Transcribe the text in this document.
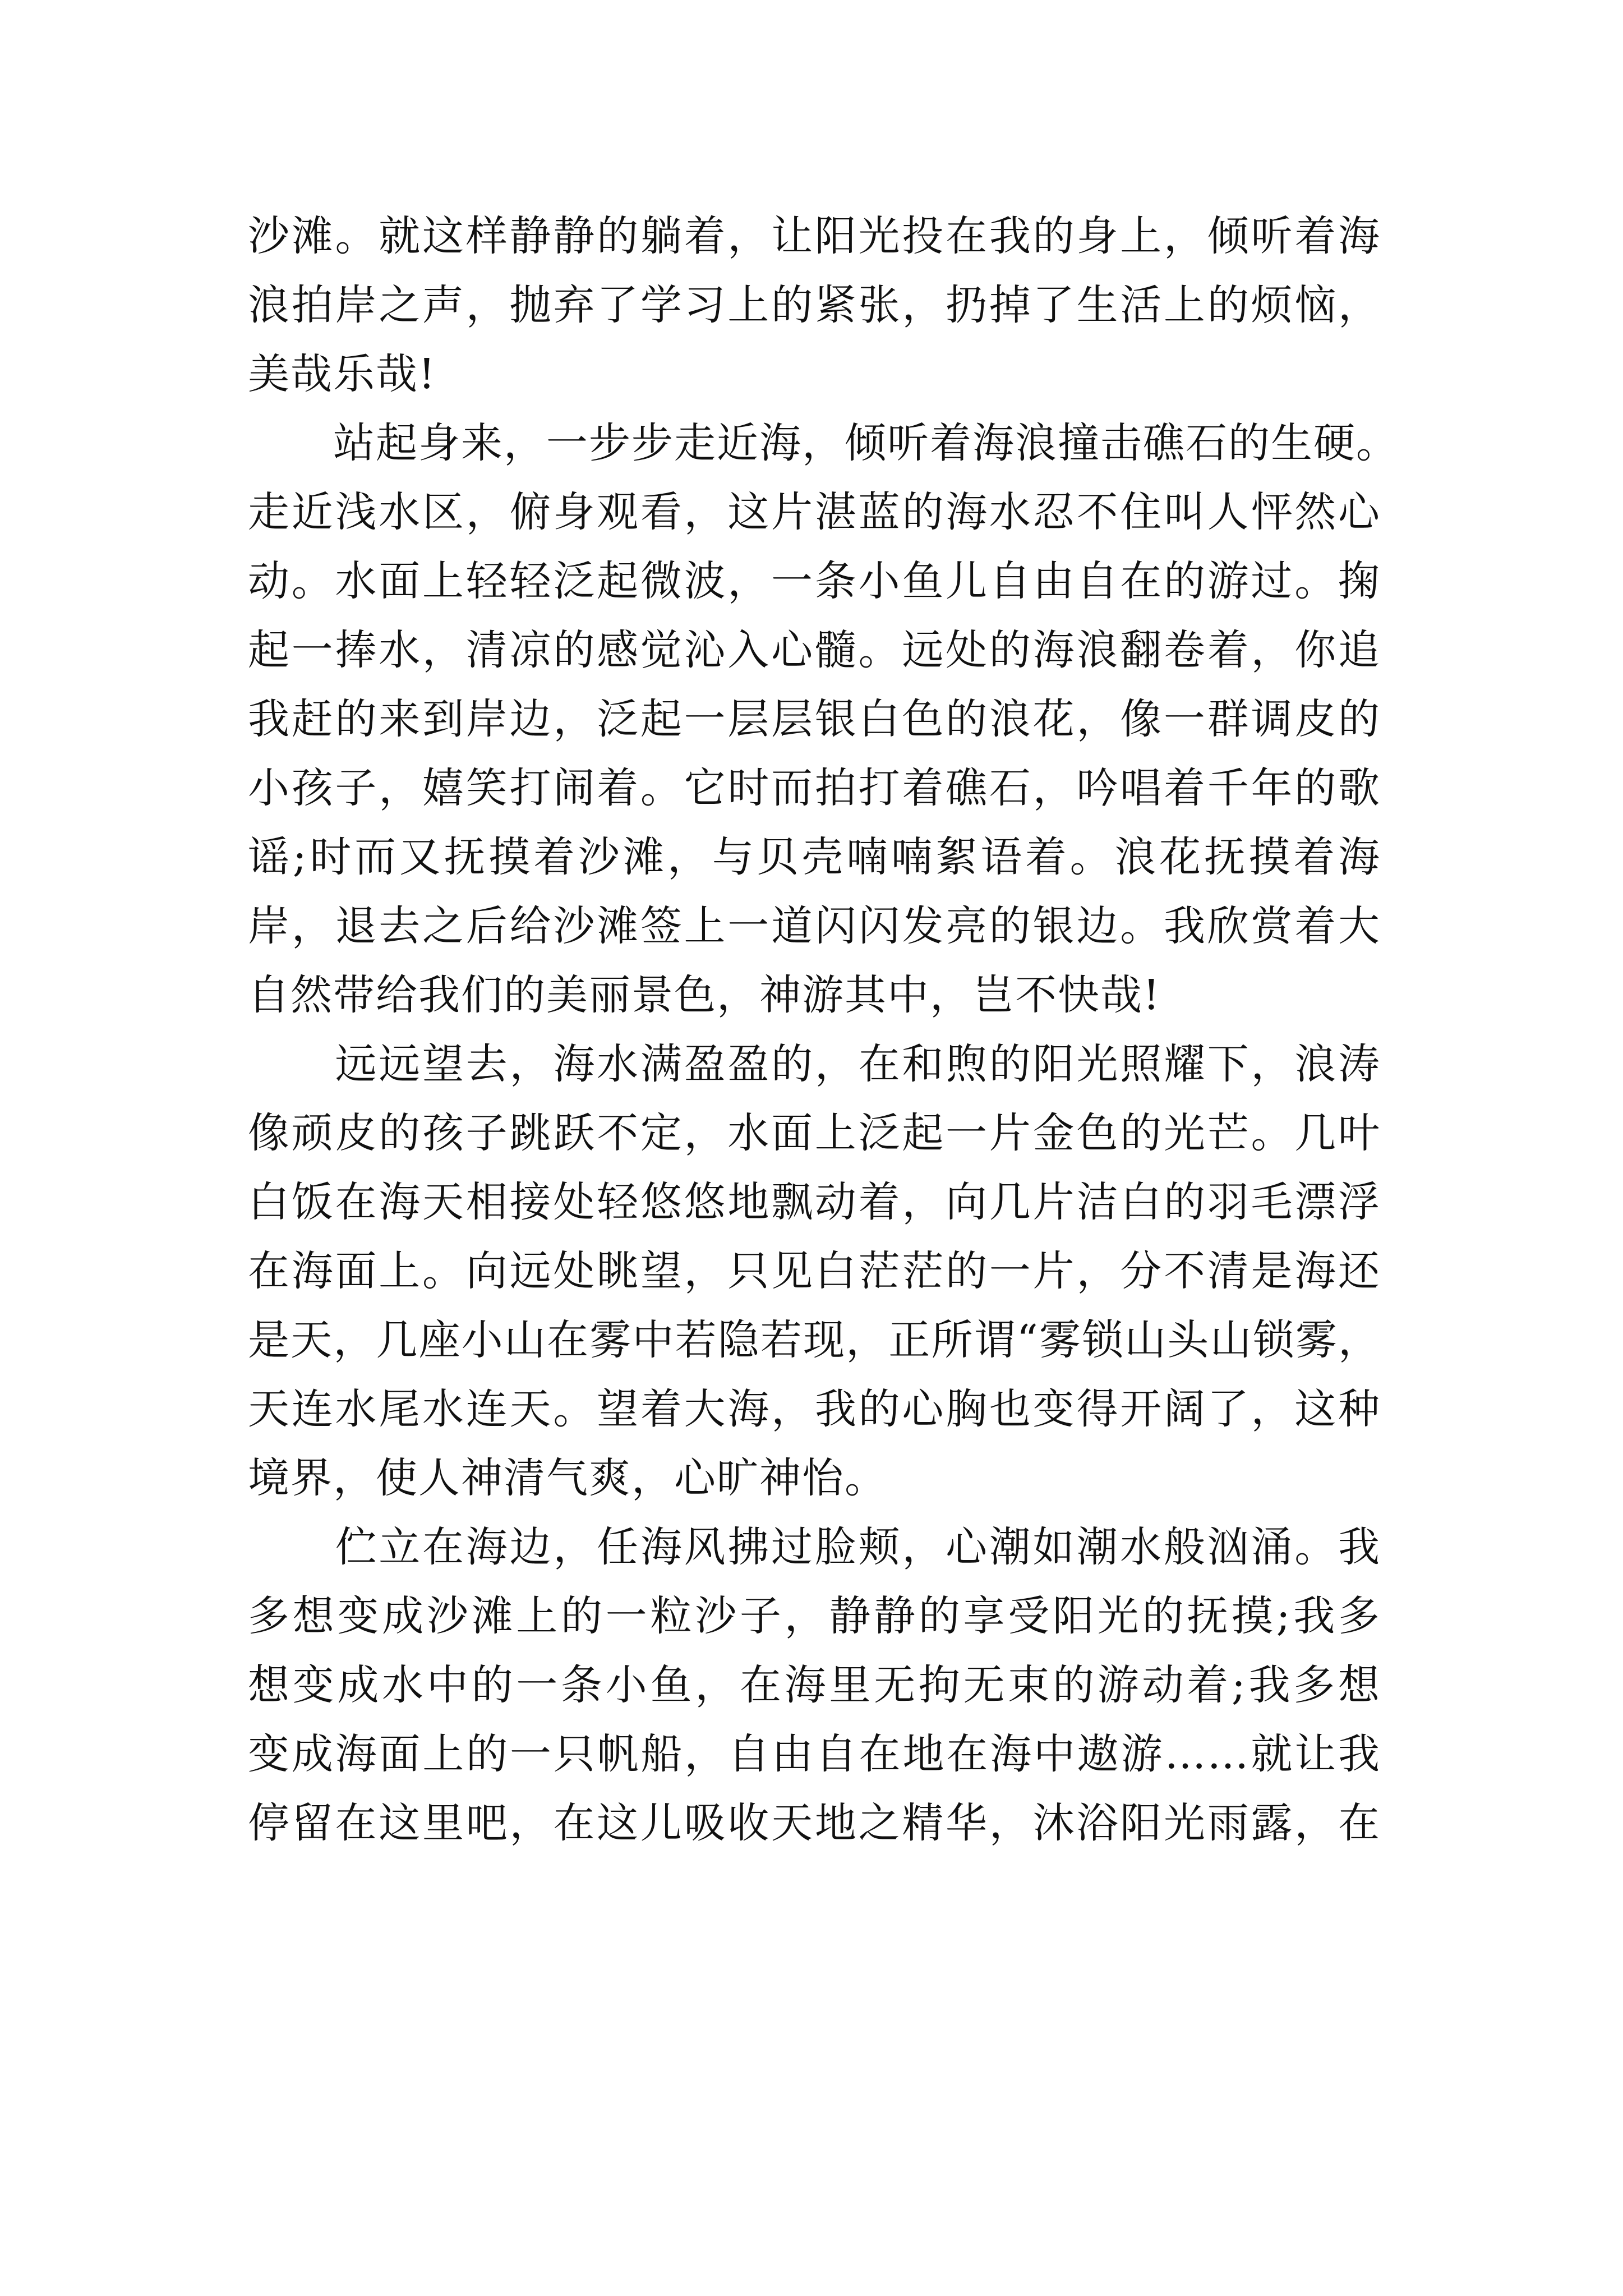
沙滩。就这样静静的躺着，让阳光投在我的身上，倾听着海
浪拍岸之声，抛弃了学习上的紧张，扔掉了生活上的烦恼，
美哉乐哉!
　　站起身来，一步步走近海，倾听着海浪撞击礁石的生硬。
走近浅水区，俯身观看，这片湛蓝的海水忍不住叫人怦然心
动。水面上轻轻泛起微波，一条小鱼儿自由自在的游过。掬
起一捧水，清凉的感觉沁入心髓。远处的海浪翻卷着，你追
我赶的来到岸边，泛起一层层银白色的浪花，像一群调皮的
小孩子，嬉笑打闹着。它时而拍打着礁石，吟唱着千年的歌
谣;时而又抚摸着沙滩，与贝壳喃喃絮语着。浪花抚摸着海
岸，退去之后给沙滩签上一道闪闪发亮的银边。我欣赏着大
自然带给我们的美丽景色，神游其中，岂不快哉!
　　远远望去，海水满盈盈的，在和煦的阳光照耀下，浪涛
像顽皮的孩子跳跃不定，水面上泛起一片金色的光芒。几叶
白饭在海天相接处轻悠悠地飘动着，向几片洁白的羽毛漂浮
在海面上。向远处眺望，只见白茫茫的一片，分不清是海还
是天，几座小山在雾中若隐若现，正所谓“雾锁山头山锁雾，
天连水尾水连天。望着大海，我的心胸也变得开阔了，这种
境界，使人神清气爽，心旷神怡。
　　伫立在海边，任海风拂过脸颊，心潮如潮水般汹涌。我
多想变成沙滩上的一粒沙子，静静的享受阳光的抚摸;我多
想变成水中的一条小鱼，在海里无拘无束的游动着;我多想
变成海面上的一只帆船，自由自在地在海中遨游……就让我
停留在这里吧，在这儿吸收天地之精华，沐浴阳光雨露，在
